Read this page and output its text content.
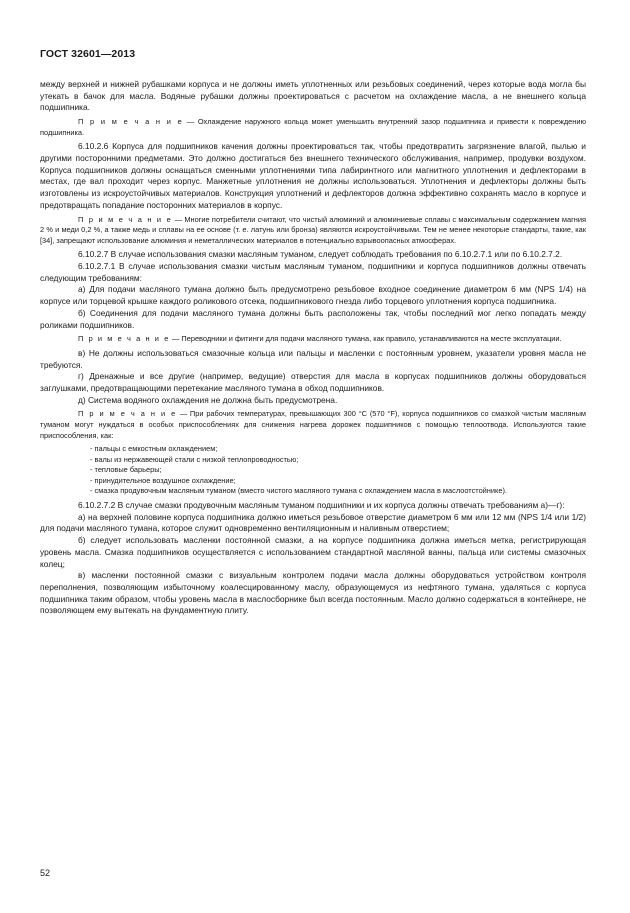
ГОСТ 32601—2013

между верхней и нижней рубашками корпуса и не должны иметь уплотненных или резьбовых соединений, через которые вода могла бы утекать в бачок для масла. Водяные рубашки должны проектироваться с расчетом на охлаждение масла, а не внешнего кольца подшипника.

П р и м е ч а н и е — Охлаждение наружного кольца может уменьшить внутренний зазор подшипника и привести к повреждению подшипника.

6.10.2.6 Корпуса для подшипников качения должны проектироваться так, чтобы предотвратить загрязнение влагой, пылью и другими посторонними предметами. Это должно достигаться без внешнего технического обслуживания, например, продувки воздухом. Корпуса подшипников должны оснащаться сменными уплотнениями типа лабиринтного или магнитного уплотнения и дефлекторами в местах, где вал проходит через корпус. Манжетные уплотнения не должны использоваться. Уплотнения и дефлекторы должны быть изготовлены из искроустойчивых материалов. Конструкция уплотнений и дефлекторов должна эффективно сохранять масло в корпусе и предотвращать попадание посторонних материалов в корпус.

П р и м е ч а н и е — Многие потребители считают, что чистый алюминий и алюминиевые сплавы с максимальным содержанием магния 2 % и меди 0,2 %, а также медь и сплавы на ее основе (т. е. латунь или бронза) являются искроустойчивыми. Тем не менее некоторые стандарты, такие, как [34], запрещают использование алюминия и неметаллических материалов в потенциально взрывоопасных атмосферах.

6.10.2.7 В случае использования смазки масляным туманом, следует соблюдать требования по 6.10.2.7.1 или по 6.10.2.7.2.

6.10.2.7.1 В случае использования смазки чистым масляным туманом, подшипники и корпуса подшипников должны отвечать следующим требованиям:

а) Для подачи масляного тумана должно быть предусмотрено резьбовое входное соединение диаметром 6 мм (NPS 1/4) на корпусе или торцевой крышке каждого роликового отсека, подшипникового гнезда либо торцевого уплотнения корпуса подшипника.

б) Соединения для подачи масляного тумана должны быть расположены так, чтобы последний мог легко попадать между роликами подшипников.

П р и м е ч а н и е — Переводники и фитинги для подачи масляного тумана, как правило, устанавливаются на месте эксплуатации.

в) Не должны использоваться смазочные кольца или пальцы и масленки с постоянным уровнем, указатели уровня масла не требуются.

г) Дренажные и все другие (например, ведущие) отверстия для масла в корпусах подшипников должны оборудоваться заглушками, предотвращающими перетекание масляного тумана в обход подшипников.

д) Система водяного охлаждения не должна быть предусмотрена.

П р и м е ч а н и е — При рабочих температурах, превышающих 300 °С (570 °F), корпуса подшипников со смазкой чистым масляным туманом могут нуждаться в особых приспособлениях для снижения нагрева дорожек подшипников с помощью теплоотвода. Используются такие приспособления, как:

- пальцы с емкостным охлаждением;

- валы из нержавеющей стали с низкой теплопроводностью;

- тепловые барьеры;

- принудительное воздушное охлаждение;

- смазка продувочным масляным туманом (вместо чистого масляного тумана с охлаждением масла в маслоотстойнике).

6.10.2.7.2 В случае смазки продувочным масляным туманом подшипники и их корпуса должны отвечать требованиям а)—г):

а) на верхней половине корпуса подшипника должно иметься резьбовое отверстие диаметром 6 мм или 12 мм (NPS 1/4 или 1/2) для подачи масляного тумана, которое служит одновременно вентиляционным и наливным отверстием;

б) следует использовать масленки постоянной смазки, а на корпусе подшипника должна иметься метка, регистрирующая уровень масла. Смазка подшипников осуществляется с использованием стандартной масляной ванны, пальца или системы смазочных колец;

в) масленки постоянной смазки с визуальным контролем подачи масла должны оборудоваться устройством контроля переполнения, позволяющим избыточному коалесцированному маслу, образующемуся из нефтяного тумана, удаляться с корпуса подшипника таким образом, чтобы уровень масла в маслосборнике был всегда постоянным. Масло должно содержаться в контейнере, не позволяющем ему вытекать на фундаментную плиту.

52
